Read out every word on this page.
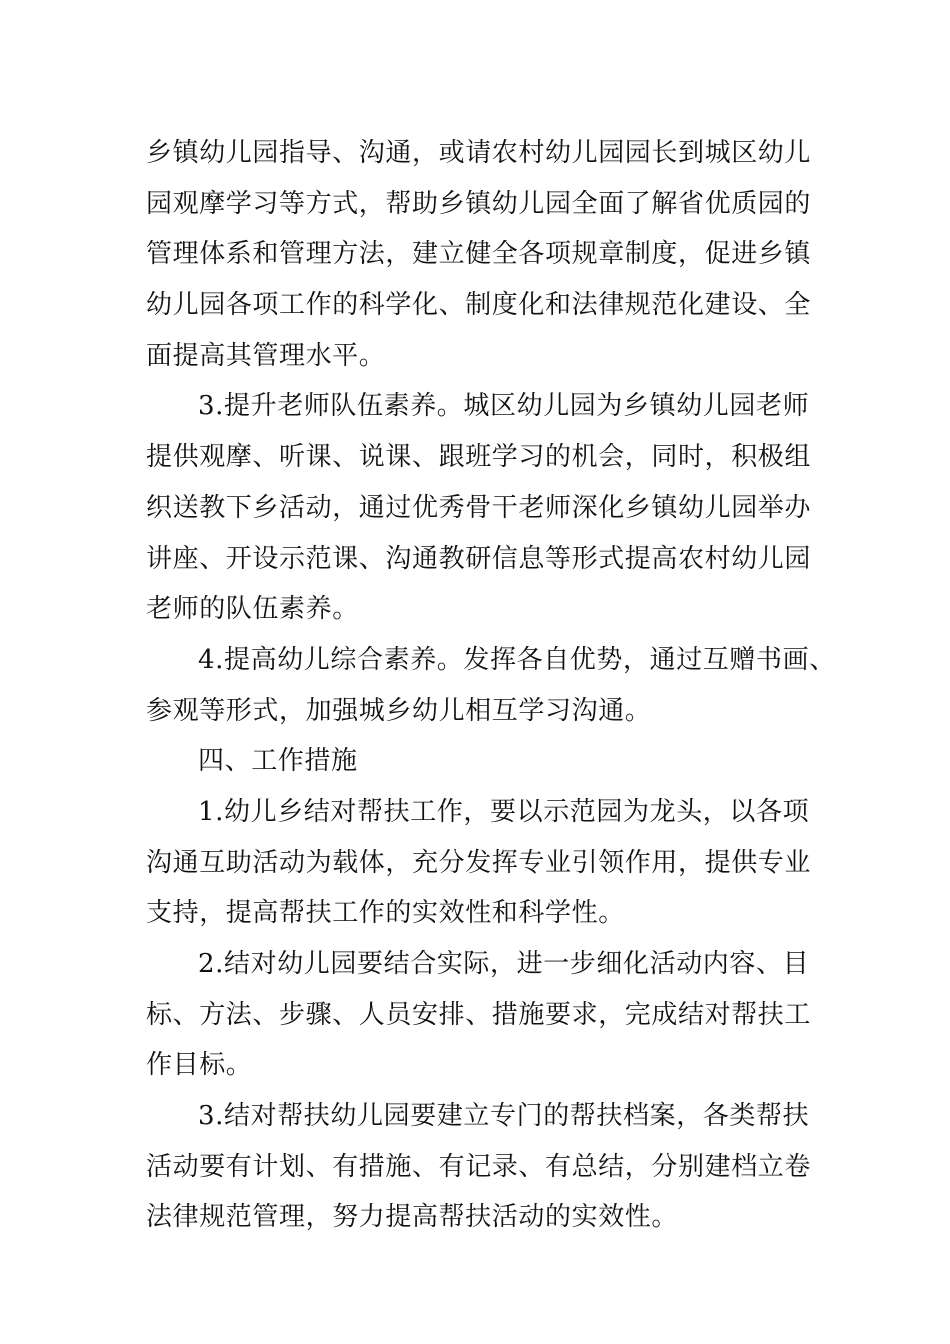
乡镇幼儿园指导、沟通，或请农村幼儿园园长到城区幼儿
园观摩学习等方式，帮助乡镇幼儿园全面了解省优质园的
管理体系和管理方法，建立健全各项规章制度，促进乡镇
幼儿园各项工作的科学化、制度化和法律规范化建设、全
面提高其管理水平。
3.提升老师队伍素养。城区幼儿园为乡镇幼儿园老师
提供观摩、听课、说课、跟班学习的机会，同时，积极组
织送教下乡活动，通过优秀骨干老师深化乡镇幼儿园举办
讲座、开设示范课、沟通教研信息等形式提高农村幼儿园
老师的队伍素养。
4.提高幼儿综合素养。发挥各自优势，通过互赠书画、
参观等形式，加强城乡幼儿相互学习沟通。
四、工作措施
1.幼儿乡结对帮扶工作，要以示范园为龙头，以各项
沟通互助活动为载体，充分发挥专业引领作用，提供专业
支持，提高帮扶工作的实效性和科学性。
2.结对幼儿园要结合实际，进一步细化活动内容、目
标、方法、步骤、人员安排、措施要求，完成结对帮扶工
作目标。
3.结对帮扶幼儿园要建立专门的帮扶档案，各类帮扶
活动要有计划、有措施、有记录、有总结，分别建档立卷
法律规范管理，努力提高帮扶活动的实效性。
